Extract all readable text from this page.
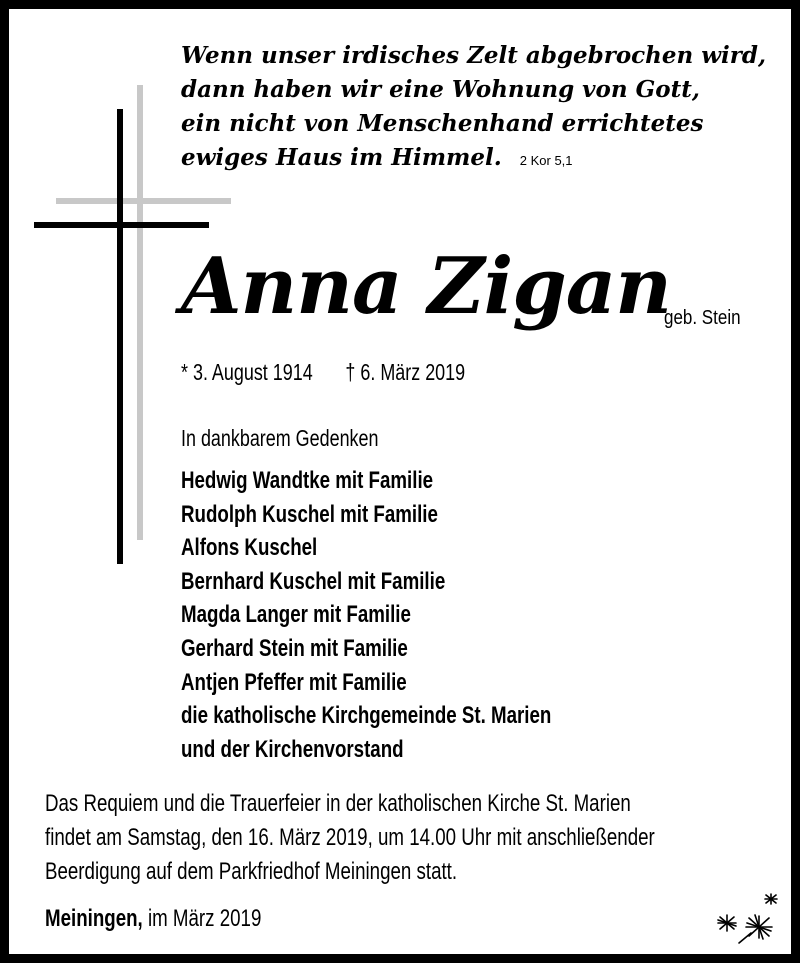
Wenn unser irdisches Zelt abgebrochen wird,
dann haben wir eine Wohnung von Gott,
ein nicht von Menschenhand errichtetes
ewiges Haus im Himmel. 2 Kor 5,1
Anna Zigan
geb. Stein
* 3. August 1914 † 6. März 2019
In dankbarem Gedenken
Hedwig Wandtke mit Familie
Rudolph Kuschel mit Familie
Alfons Kuschel
Bernhard Kuschel mit Familie
Magda Langer mit Familie
Gerhard Stein mit Familie
Antjen Pfeffer mit Familie
die katholische Kirchgemeinde St. Marien
und der Kirchenvorstand
Das Requiem und die Trauerfeier in der katholischen Kirche St. Marien
findet am Samstag, den 16. März 2019, um 14.00 Uhr mit anschließender
Beerdigung auf dem Parkfriedhof Meiningen statt.
Meiningen, im März 2019
